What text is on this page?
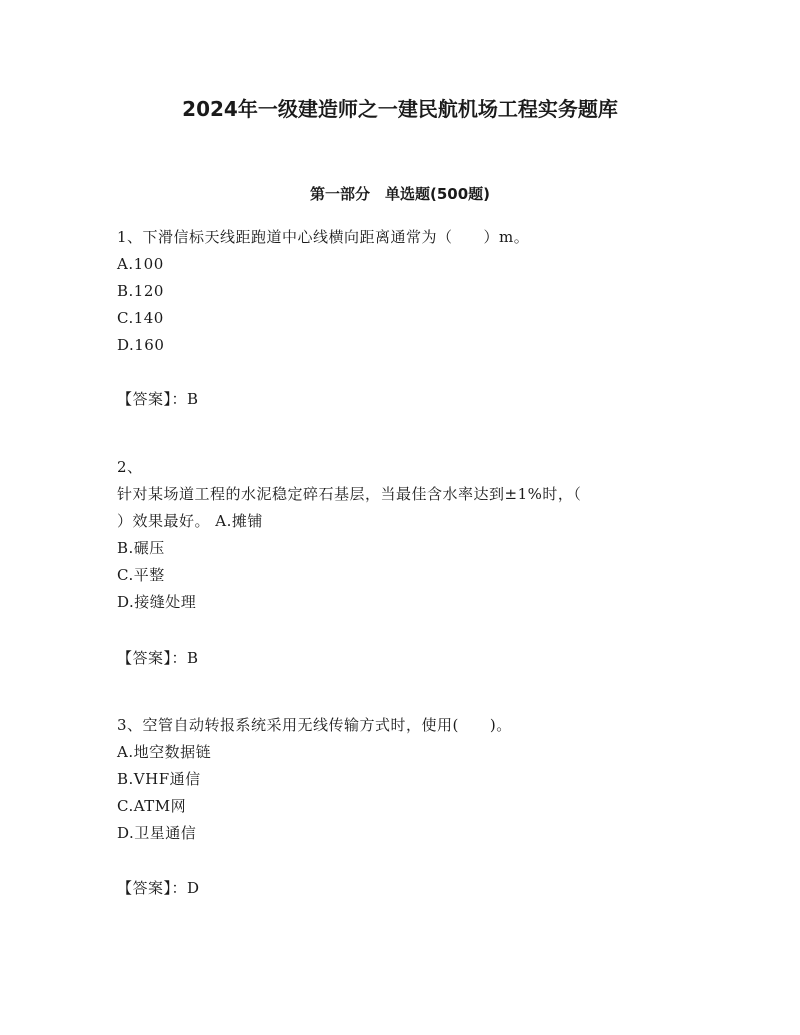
2024年一级建造师之一建民航机场工程实务题库
第一部分　单选题(500题)
1、下滑信标天线距跑道中心线横向距离通常为（　　）m。
A.100
B.120
C.140
D.160
【答案】：B
2、
针对某场道工程的水泥稳定碎石基层，当最佳含水率达到±1%时，（
）效果最好。 A.摊铺
B.碾压
C.平整
D.接缝处理
【答案】：B
3、空管自动转报系统采用无线传输方式时，使用(　　)。
A.地空数据链
B.VHF通信
C.ATM网
D.卫星通信
【答案】：D
